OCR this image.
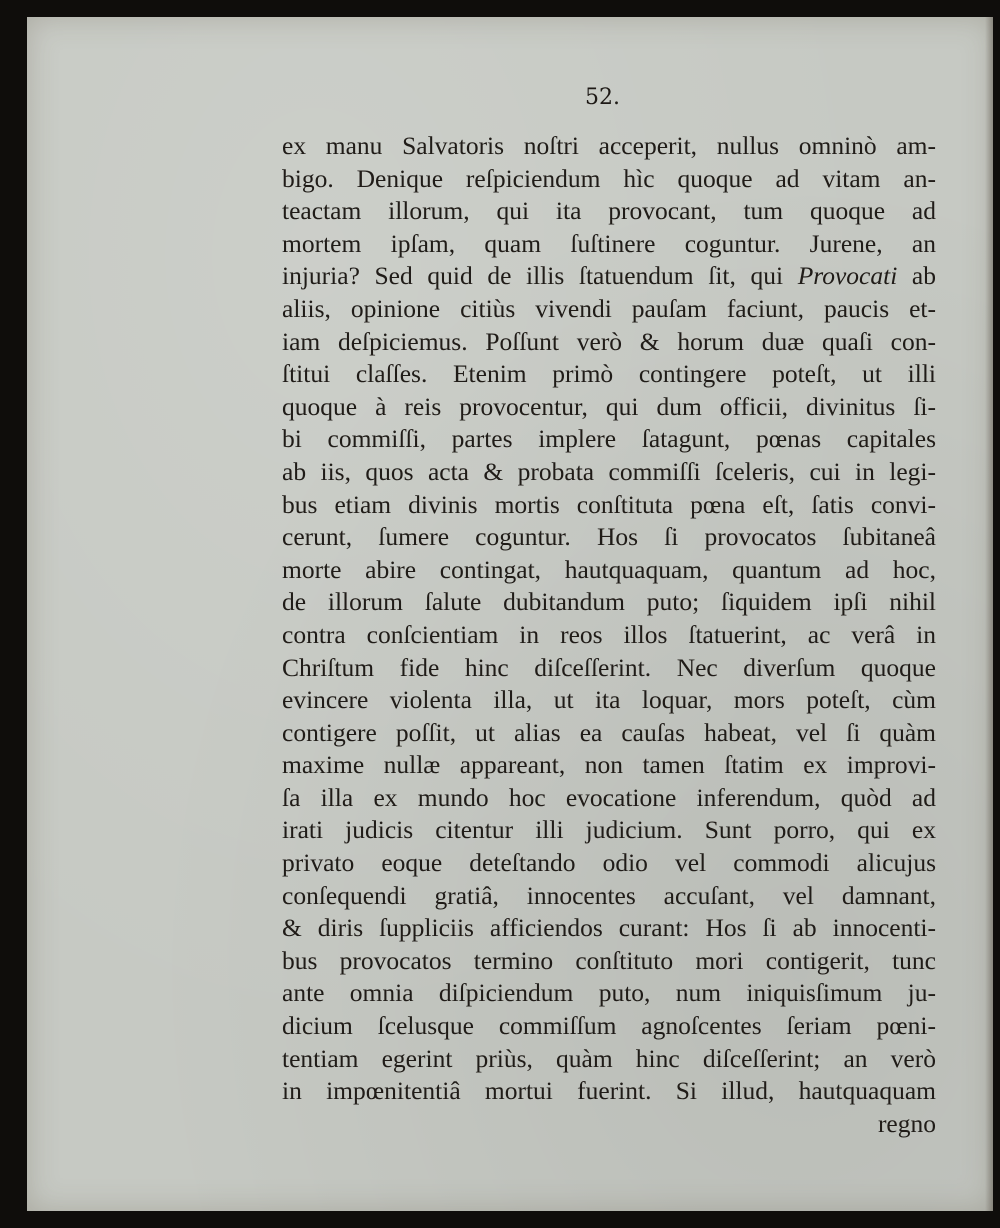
52.

ex manu Salvatoris noſtri acceperit, nullus omninò am-
bigo. Denique reſpiciendum hìc quoque ad vitam an-
teactam illorum, qui ita provocant, tum quoque ad
mortem ipſam, quam ſuſtinere coguntur. Jurene, an
injuria? Sed quid de illis ſtatuendum ſit, qui Provocati ab
aliis, opinione citiùs vivendi pauſam faciunt, paucis et-
iam deſpiciemus. Poſſunt verò & horum duæ quaſi con-
ſtitui claſſes. Etenim primò contingere poteſt, ut illi
quoque à reis provocentur, qui dum officii, divinitus ſi-
bi commiſſi, partes implere ſatagunt, pœnas capitales
ab iis, quos acta & probata commiſſi ſceleris, cui in legi-
bus etiam divinis mortis conſtituta pœna eſt, ſatis convi-
cerunt, ſumere coguntur. Hos ſi provocatos ſubitaneâ
morte abire contingat, hautquaquam, quantum ad hoc,
de illorum ſalute dubitandum puto; ſiquidem ipſi nihil
contra conſcientiam in reos illos ſtatuerint, ac verâ in
Chriſtum fide hinc diſceſſerint. Nec diverſum quoque
evincere violenta illa, ut ita loquar, mors poteſt, cùm
contigere poſſit, ut alias ea cauſas habeat, vel ſi quàm
maxime nullæ appareant, non tamen ſtatim ex improvi-
ſa illa ex mundo hoc evocatione inferendum, quòd ad
irati judicis citentur illi judicium. Sunt porro, qui ex
privato eoque deteſtando odio vel commodi alicujus
conſequendi gratiâ, innocentes accuſant, vel damnant,
& diris ſuppliciis afficiendos curant: Hos ſi ab innocenti-
bus provocatos termino conſtituto mori contigerit, tunc
ante omnia diſpiciendum puto, num iniquisſimum ju-
dicium ſcelusque commiſſum agnoſcentes ſeriam pœni-
tentiam egerint priùs, quàm hinc diſceſſerint; an verò
in impœnitentiâ mortui fuerint. Si illud, hautquaquam
regno
